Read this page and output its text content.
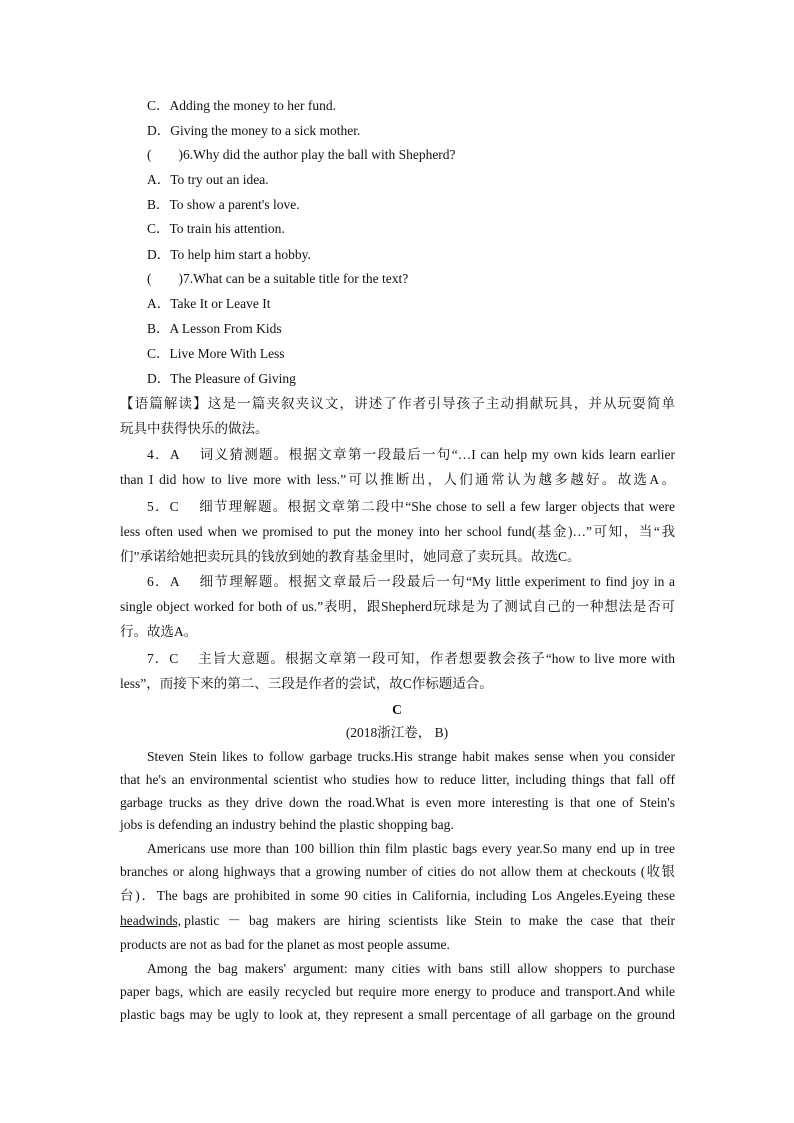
C．Adding the money to her fund.
D．Giving the money to a sick mother.
(　　)6.Why did the author play the ball with Shepherd?
A．To try out an idea.
B．To show a parent's love.
C．To train his attention.
D．To help him start a hobby.
(　　)7.What can be a suitable title for the text?
A．Take It or Leave It
B．A Lesson From Kids
C．Live More With Less
D．The Pleasure of Giving
【语篇解读】这是一篇夹叙夹议文，讲述了作者引导孩子主动捐献玩具，并从玩耍简单
玩具中获得快乐的做法。
4．A　 词义猜测题。根据文章第一段最后一句“…I can help my own kids learn earlier
than I did how to live more with less.”可以推断出，人们通常认为越多越好。故选A。
5．C　 细节理解题。根据文章第二段中“She chose to sell a few larger objects that were
less often used when we promised to put the money into her school fund(基金)…”可知，当“我
们”承诺给她把卖玩具的钱放到她的教育基金里时，她同意了卖玩具。故选C。
6．A　 细节理解题。根据文章最后一段最后一句“My little experiment to find joy in a
single object worked for both of us.”表明，跟Shepherd玩球是为了测试自己的一种想法是否可
行。故选A。
7．C　 主旨大意题。根据文章第一段可知，作者想要教会孩子“how to live more with
less”，而接下来的第二、三段是作者的尝试，故C作标题适合。
C
(2018浙江卷， B)
Steven Stein likes to follow garbage trucks.His strange habit makes sense when you consider
that he's an environmental scientist who studies how to reduce litter, including things that fall off
garbage trucks as they drive down the road.What is even more interesting is that one of Stein's
jobs is defending an industry behind the plastic shopping bag.
Americans use more than 100 billion thin film plastic bags every year.So many end up in tree
branches or along highways that a growing number of cities do not allow them at checkouts (收银
台)．The bags are prohibited in some 90 cities in California, including Los Angeles.Eyeing these
headwinds, plastic － bag makers are hiring scientists like Stein to make the case that their
products are not as bad for the planet as most people assume.
Among the bag makers' argument: many cities with bans still allow shoppers to purchase
paper bags, which are easily recycled but require more energy to produce and transport.And while
plastic bags may be ugly to look at, they represent a small percentage of all garbage on the ground
